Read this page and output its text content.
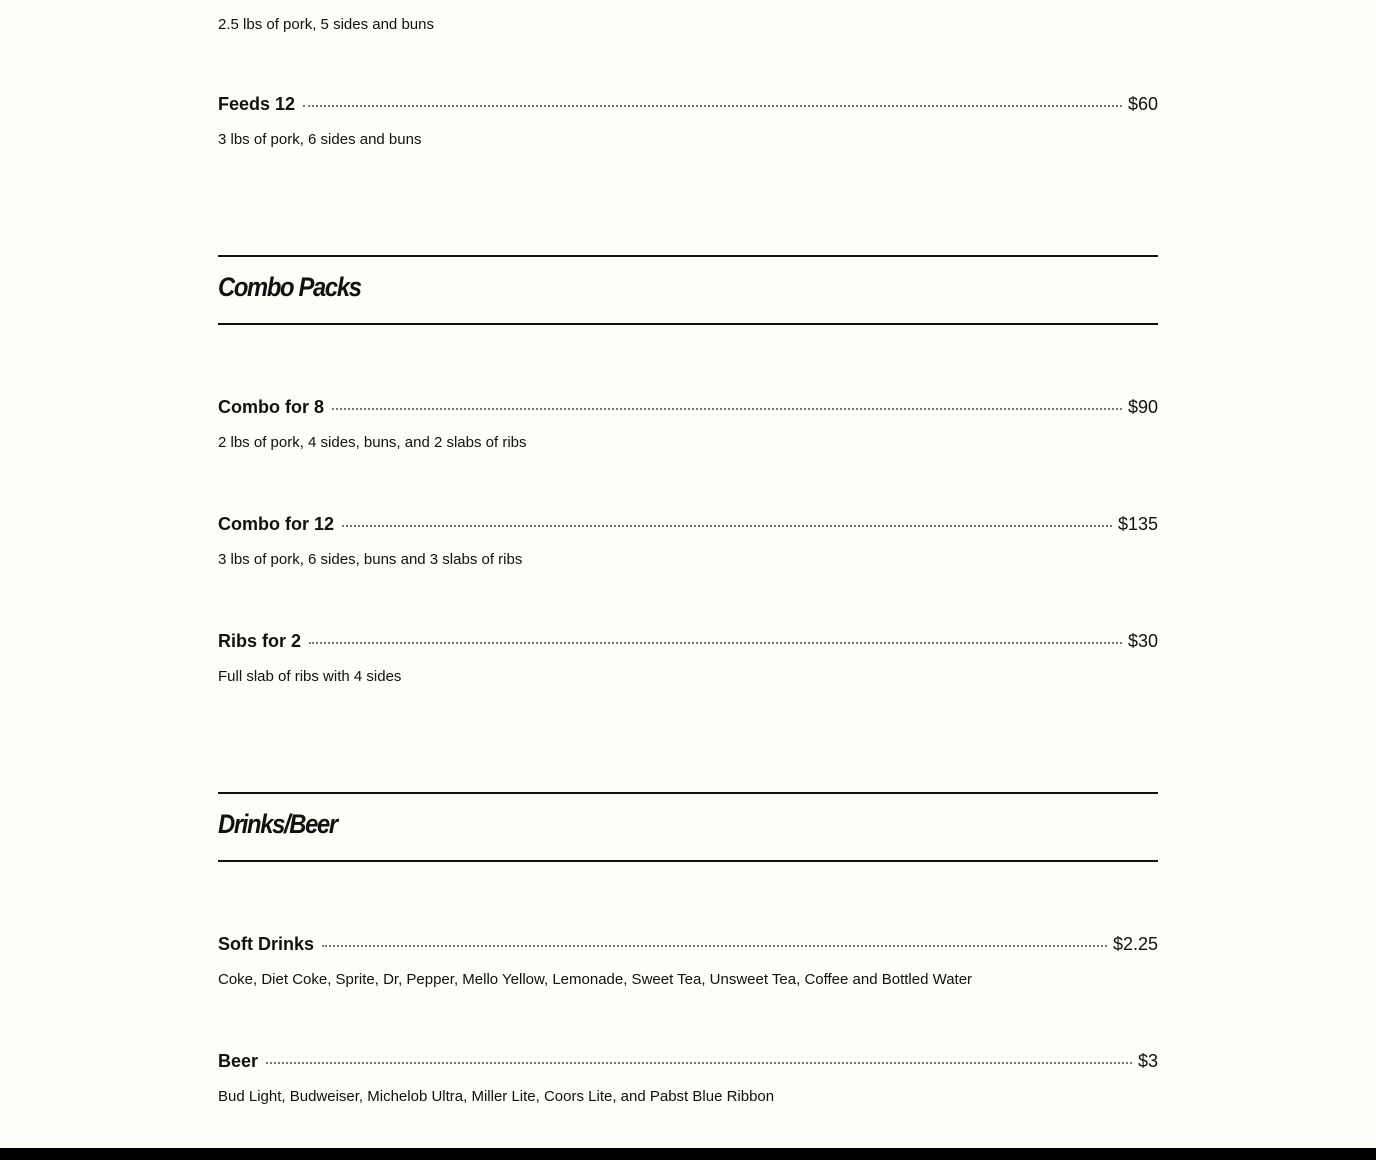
2.5 lbs of pork, 5 sides and buns
Feeds 12	$60
3 lbs of pork, 6 sides and buns
Combo Packs
Combo for 8	$90
2 lbs of pork, 4 sides, buns, and 2 slabs of ribs
Combo for 12	$135
3 lbs of pork, 6 sides, buns and 3 slabs of ribs
Ribs for 2	$30
Full slab of ribs with 4 sides
Drinks/Beer
Soft Drinks	$2.25
Coke, Diet Coke, Sprite, Dr, Pepper, Mello Yellow, Lemonade, Sweet Tea, Unsweet Tea, Coffee and Bottled Water
Beer	$3
Bud Light, Budweiser, Michelob Ultra, Miller Lite, Coors Lite, and Pabst Blue Ribbon
